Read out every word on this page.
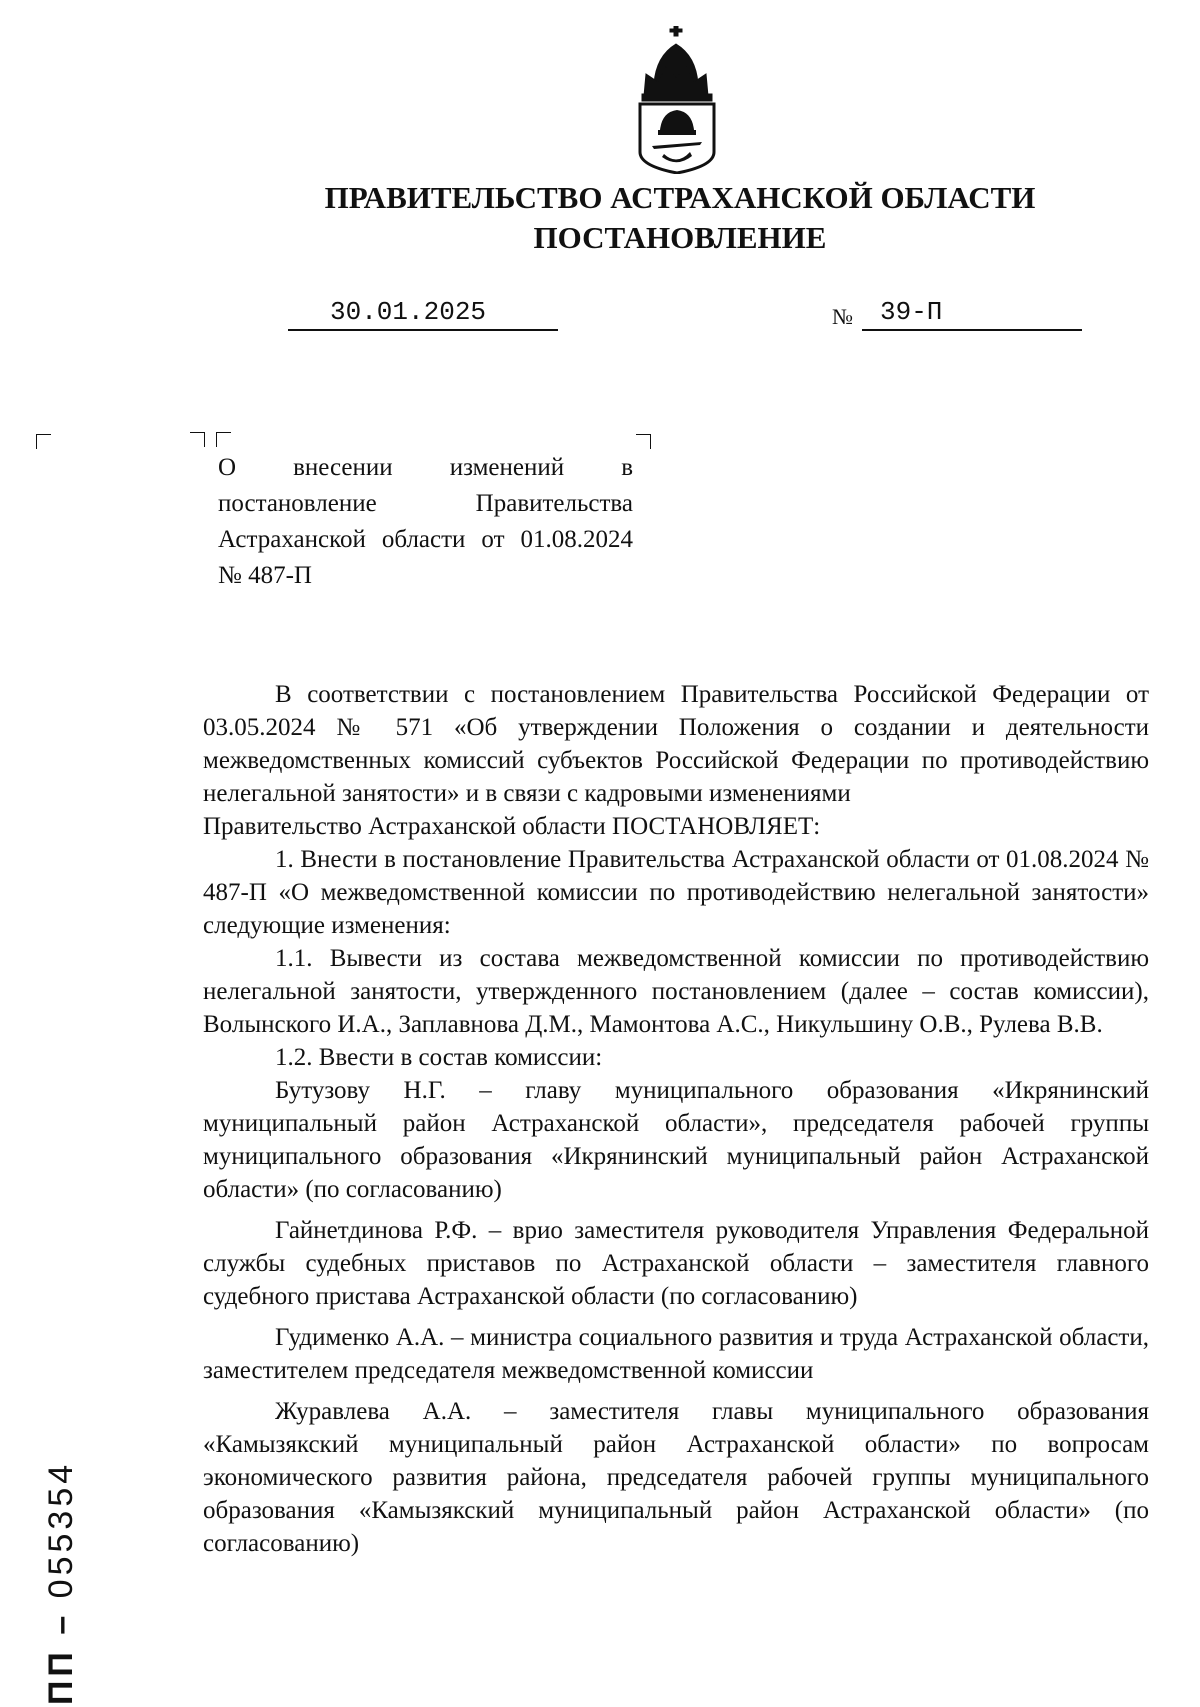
ПРАВИТЕЛЬСТВО АСТРАХАНСКОЙ ОБЛАСТИ
ПОСТАНОВЛЕНИЕ
30.01.2025	№ 39-П
О внесении изменений в постановление Правительства Астраханской области от 01.08.2024 № 487-П

В соответствии с постановлением Правительства Российской Федерации от 03.05.2024 № 571 «Об утверждении Положения о создании и деятельности межведомственных комиссий субъектов Российской Федерации по противодействию нелегальной занятости» и в связи с кадровыми изменениями

Правительство Астраханской области ПОСТАНОВЛЯЕТ:

1. Внести в постановление Правительства Астраханской области от 01.08.2024 № 487-П «О межведомственной комиссии по противодействию нелегальной занятости» следующие изменения:

1.1. Вывести из состава межведомственной комиссии по противодействию нелегальной занятости, утвержденного постановлением (далее – состав комиссии), Волынского И.А., Заплавнова Д.М., Мамонтова А.С., Никульшину О.В., Рулева В.В.

1.2. Ввести в состав комиссии:

Бутузову Н.Г. – главу муниципального образования «Икрянинский муниципальный район Астраханской области», председателя рабочей группы муниципального образования «Икрянинский муниципальный район Астраханской области» (по согласованию)

Гайнетдинова Р.Ф. – врио заместителя руководителя Управления Федеральной службы судебных приставов по Астраханской области – заместителя главного судебного пристава Астраханской области (по согласованию)

Гудименко А.А. – министра социального развития и труда Астраханской области, заместителем председателя межведомственной комиссии

Журавлева А.А. – заместителя главы муниципального образования «Камызякский муниципальный район Астраханской области» по вопросам экономического развития района, председателя рабочей группы муниципального образования «Камызякский муниципальный район Астраханской области» (по согласованию)

ПП – 055354
